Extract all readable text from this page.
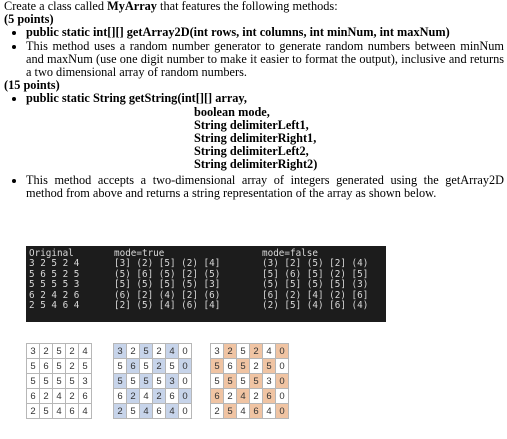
Create a class called MyArray that features the following methods:
(5 points)
• public static int[][] getArray2D(int rows, int columns, int minNum, int maxNum)
• This method uses a random number generator to generate random numbers between minNum and maxNum (use one digit number to make it easier to format the output), inclusive and returns a two dimensional array of random numbers.
(15 points)
• public static String getString(int[][] array,
boolean mode,
String delimiterLeft1,
String delimiterRight1,
String delimiterLeft2,
String delimiterRight2)
• This method accepts a two-dimensional array of integers generated using the getArray2D method from above and returns a string representation of the array as shown below.
Original
3 2 5 2 4
5 6 5 2 5
5 5 5 5 3
6 2 4 2 6
2 5 4 6 4
mode=true
[3] (2) [5] (2) [4]
(5) [6] (5) [2] (5)
[5] (5) [5] (5) [3]
(6) [2] (4) [2] (6)
[2] (5) [4] (6) [4]
mode=false
(3) [2] (5) [2] (4)
[5] (6) [5] (2) [5]
(5) [5] (5) [5] (3)
[6] (2) [4] (2) [6]
(2) [5] (4) [6] (4)
3	2	5	2	4
5	6	5	2	5
5	5	5	5	3
6	2	4	2	6
2	5	4	6	4
3	2	5	2	4	0
5	6	5	2	5	0
5	5	5	5	3	0
6	2	4	2	6	0
2	5	4	6	4	0
3	2	5	2	4	0
5	6	5	2	5	0
5	5	5	5	3	0
6	2	4	2	6	0
2	5	4	6	4	0
